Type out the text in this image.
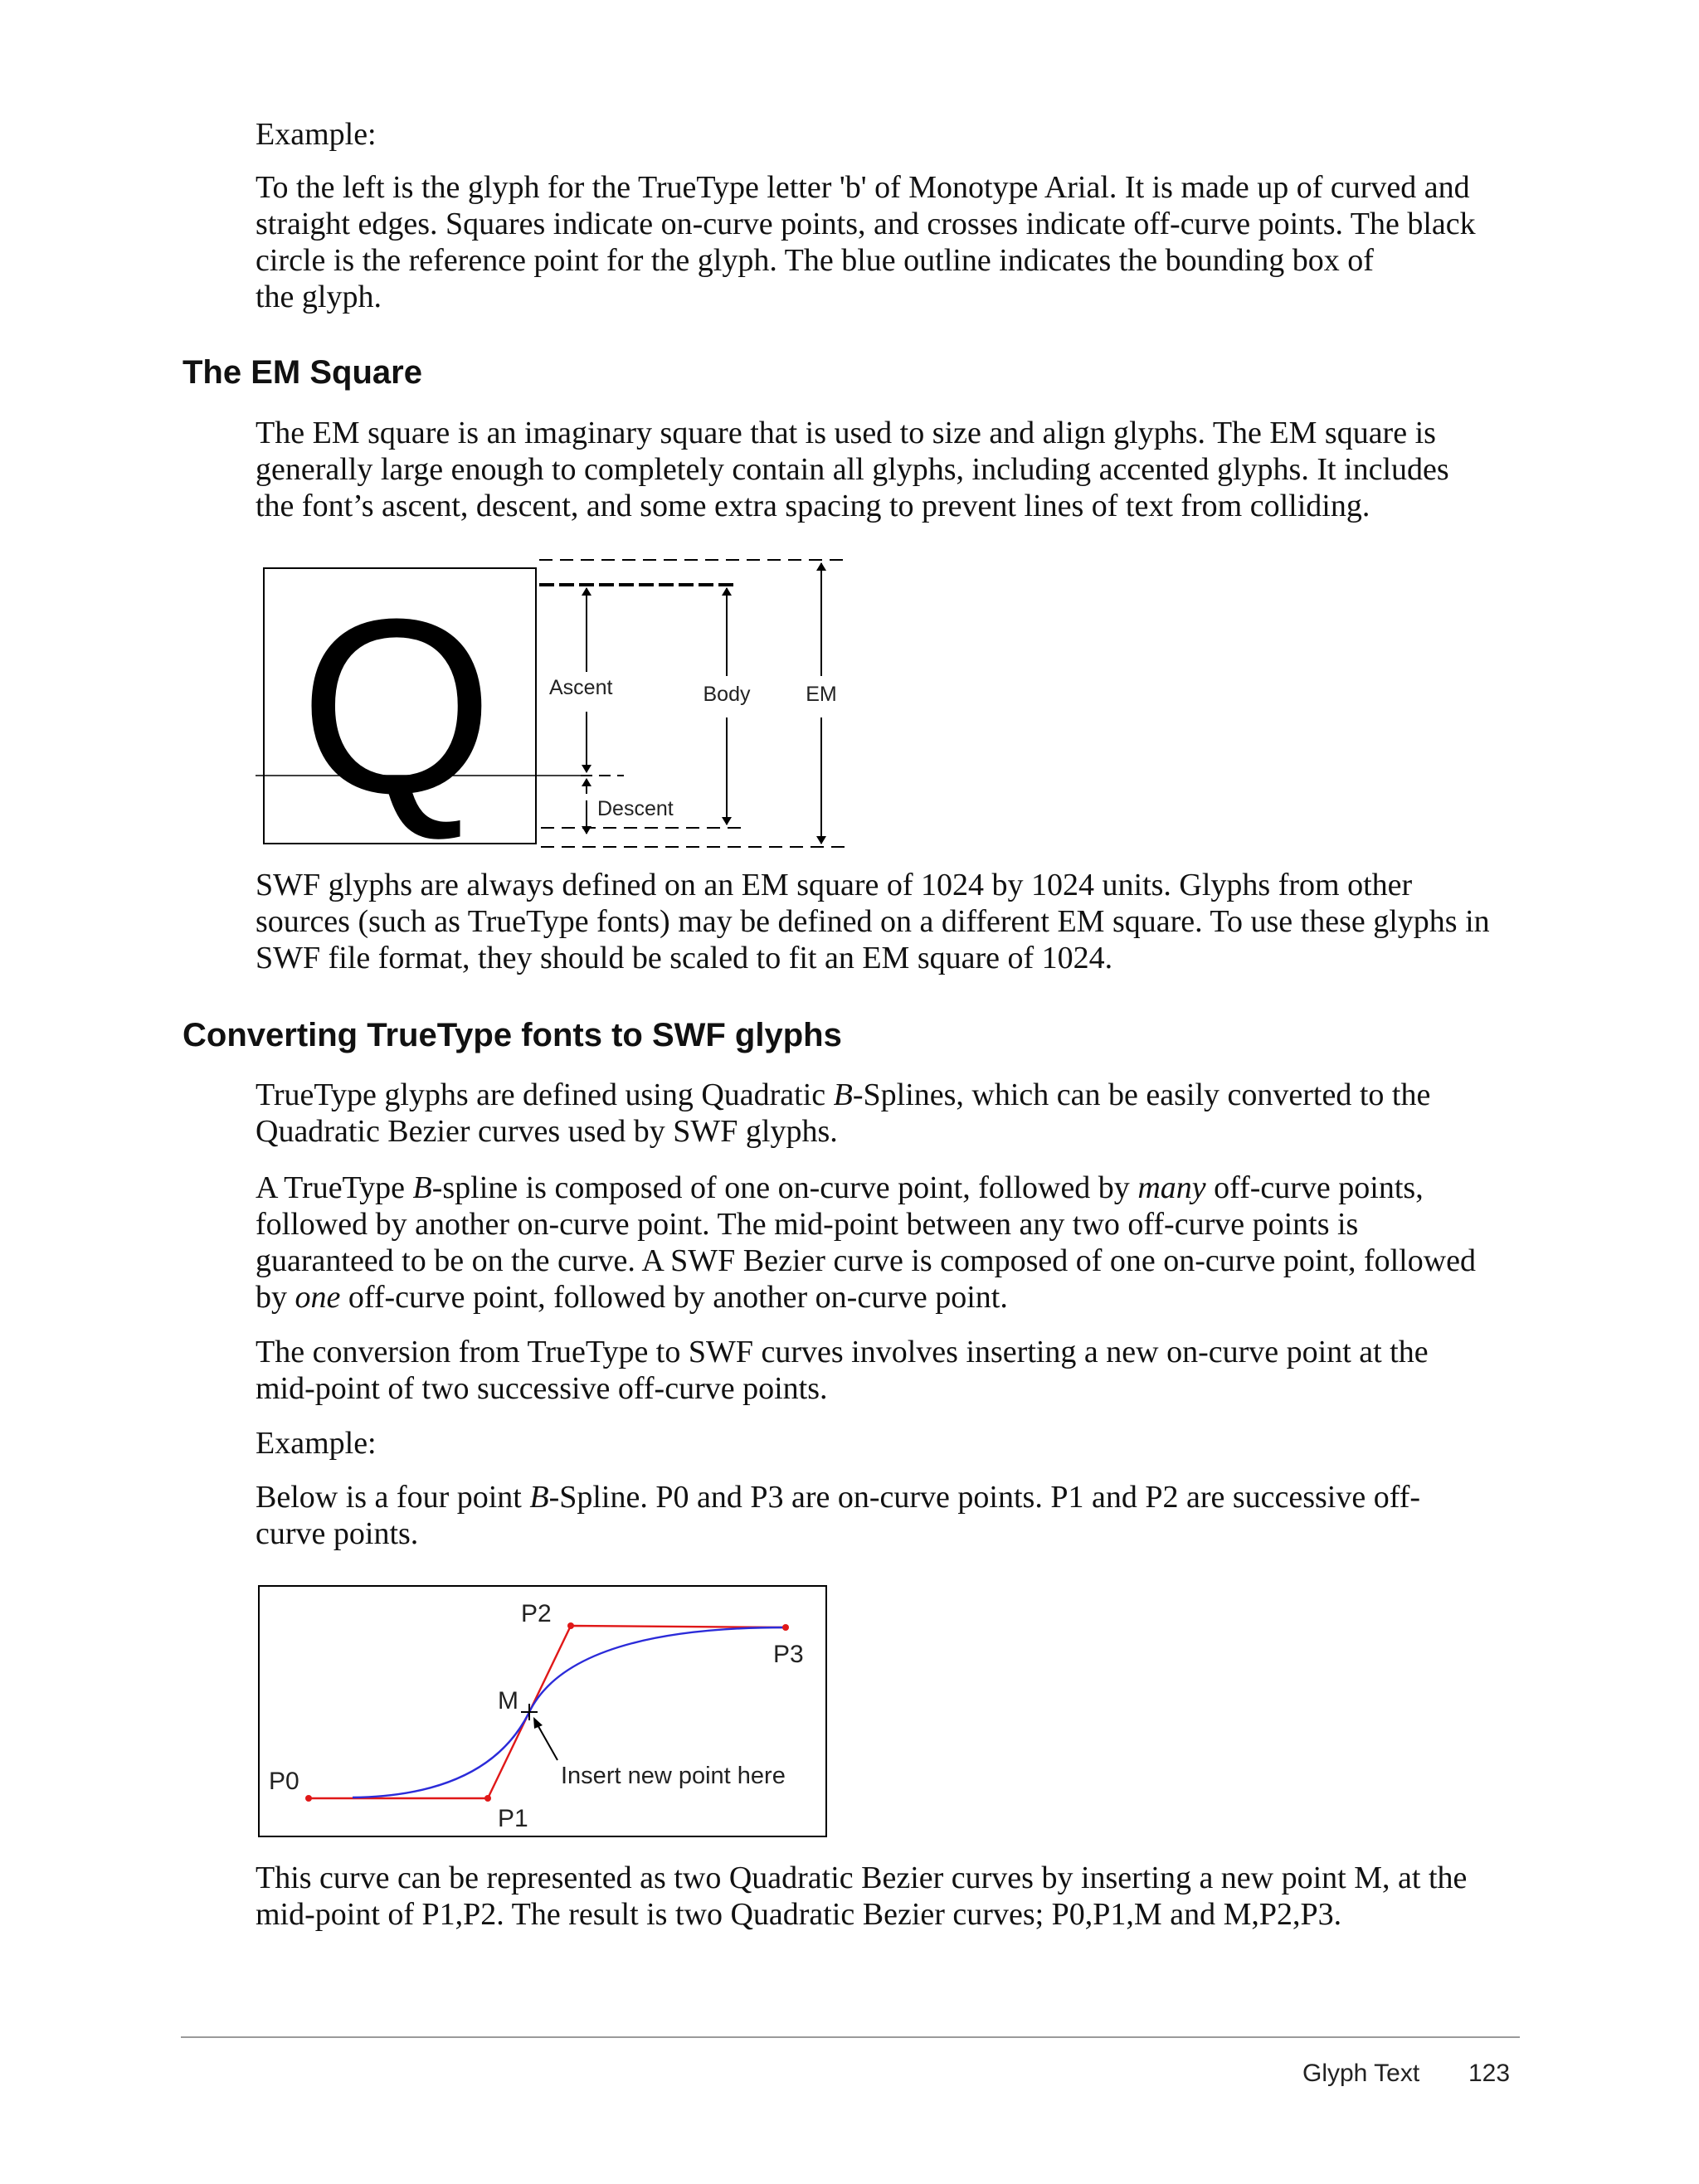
Example:

To the left is the glyph for the TrueType letter 'b' of Monotype Arial. It is made up of curved and
straight edges. Squares indicate on-curve points, and crosses indicate off-curve points. The black
circle is the reference point for the glyph. The blue outline indicates the bounding box of
the glyph.
The EM Square
The EM square is an imaginary square that is used to size and align glyphs. The EM square is
generally large enough to completely contain all glyphs, including accented glyphs. It includes
the font’s ascent, descent, and some extra spacing to prevent lines of text from colliding.
Q	Ascent
Descent
Body	EM
SWF glyphs are always defined on an EM square of 1024 by 1024 units. Glyphs from other
sources (such as TrueType fonts) may be defined on a different EM square. To use these glyphs in
SWF file format, they should be scaled to fit an EM square of 1024.
Converting TrueType fonts to SWF glyphs
TrueType glyphs are defined using Quadratic B-Splines, which can be easily converted to the
Quadratic Bezier curves used by SWF glyphs.
A TrueType B-spline is composed of one on-curve point, followed by many off-curve points,
followed by another on-curve point. The mid-point between any two off-curve points is
guaranteed to be on the curve. A SWF Bezier curve is composed of one on-curve point, followed
by one off-curve point, followed by another on-curve point.
The conversion from TrueType to SWF curves involves inserting a new on-curve point at the
mid-point of two successive off-curve points.

Example:

Below is a four point B-Spline. P0 and P3 are on-curve points. P1 and P2 are successive off-
curve points.
P0
P1
P2
P3
M
Insert new point here
This curve can be represented as two Quadratic Bezier curves by inserting a new point M, at the
mid-point of P1,P2. The result is two Quadratic Bezier curves; P0,P1,M and M,P2,P3.
Glyph Text 123
